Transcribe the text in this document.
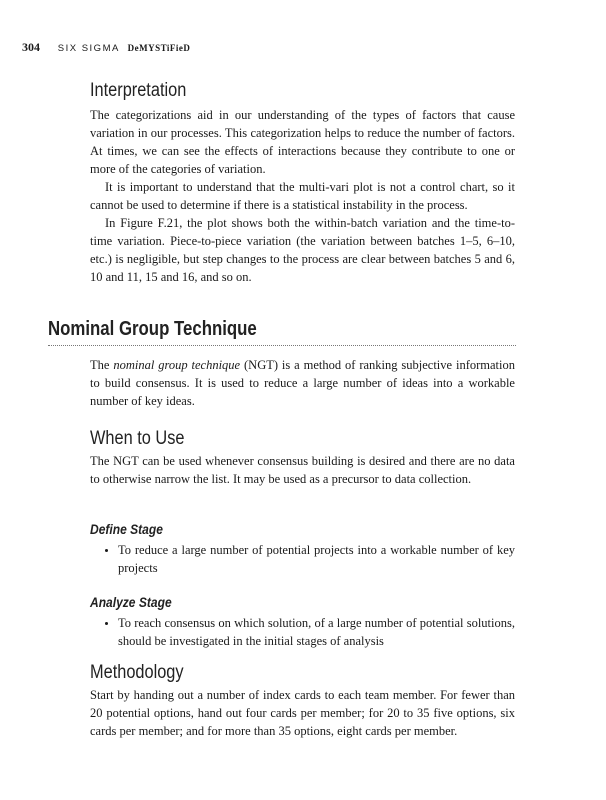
304 SIX SIGMA DeMYSTiFieD
Interpretation

The categorizations aid in our understanding of the types of factors that cause variation in our processes. This categorization helps to reduce the number of factors. At times, we can see the effects of interactions because they contribute to one or more of the categories of variation.

It is important to understand that the multi-vari plot is not a control chart, so it cannot be used to determine if there is a statistical instability in the process.

In Figure F.21, the plot shows both the within-batch variation and the time-to-time variation. Piece-to-piece variation (the variation between batches 1–5, 6–10, etc.) is negligible, but step changes to the process are clear between batches 5 and 6, 10 and 11, 15 and 16, and so on.

Nominal Group Technique

The nominal group technique (NGT) is a method of ranking subjective information to build consensus. It is used to reduce a large number of ideas into a workable number of key ideas.

When to Use

The NGT can be used whenever consensus building is desired and there are no data to otherwise narrow the list. It may be used as a precursor to data collection.

Define Stage
• To reduce a large number of potential projects into a workable number of key projects
Analyze Stage
• To reach consensus on which solution, of a large number of potential solutions, should be investigated in the initial stages of analysis
Methodology

Start by handing out a number of index cards to each team member. For fewer than 20 potential options, hand out four cards per member; for 20 to 35 five options, six cards per member; and for more than 35 options, eight cards per member.
